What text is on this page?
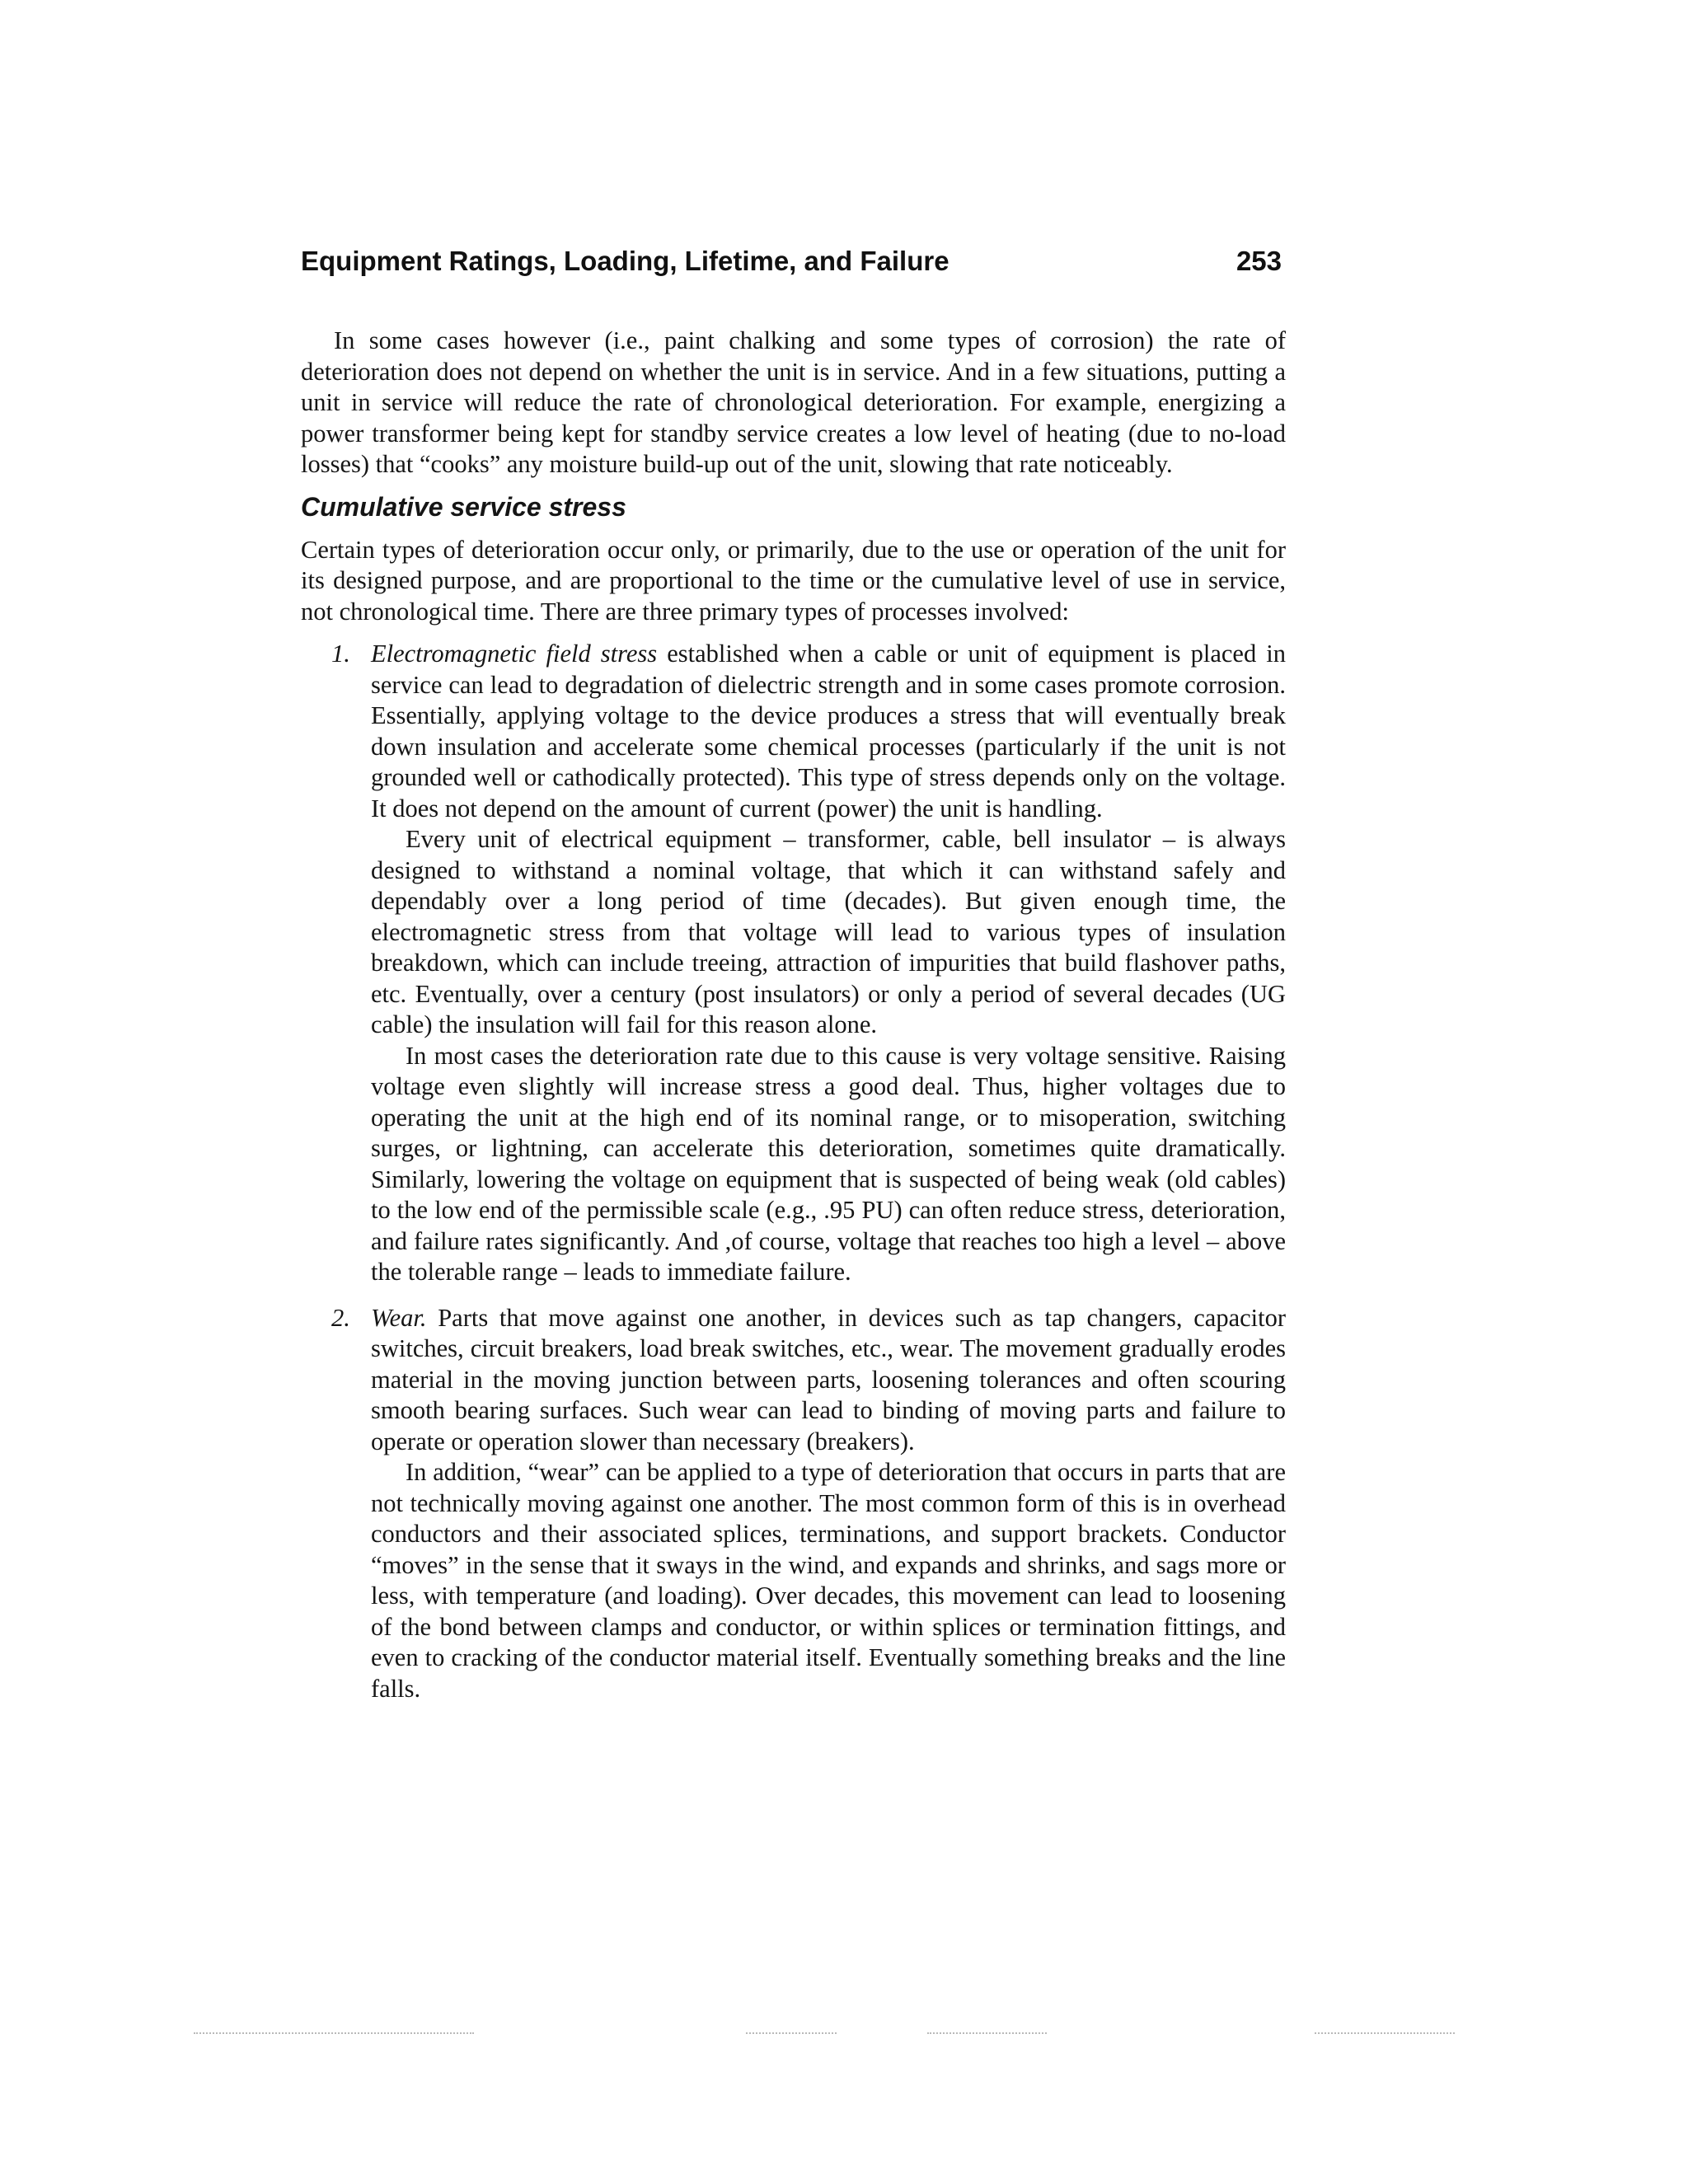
Equipment Ratings, Loading, Lifetime, and Failure	253

In some cases however (i.e., paint chalking and some types of corrosion) the rate of deterioration does not depend on whether the unit is in service. And in a few situations, putting a unit in service will reduce the rate of chronological deterioration. For example, energizing a power transformer being kept for standby service creates a low level of heating (due to no-load losses) that “cooks” any moisture build-up out of the unit, slowing that rate noticeably.

Cumulative service stress

Certain types of deterioration occur only, or primarily, due to the use or operation of the unit for its designed purpose, and are proportional to the time or the cumulative level of use in service, not chronological time. There are three primary types of processes involved:

1. Electromagnetic field stress established when a cable or unit of equipment is placed in service can lead to degradation of dielectric strength and in some cases promote corrosion. Essentially, applying voltage to the device produces a stress that will eventually break down insulation and accelerate some chemical processes (particularly if the unit is not grounded well or cathodically protected). This type of stress depends only on the voltage. It does not depend on the amount of current (power) the unit is handling.

Every unit of electrical equipment – transformer, cable, bell insulator – is always designed to withstand a nominal voltage, that which it can withstand safely and dependably over a long period of time (decades). But given enough time, the electromagnetic stress from that voltage will lead to various types of insulation breakdown, which can include treeing, attraction of impurities that build flashover paths, etc. Eventually, over a century (post insulators) or only a period of several decades (UG cable) the insulation will fail for this reason alone.

In most cases the deterioration rate due to this cause is very voltage sensitive. Raising voltage even slightly will increase stress a good deal. Thus, higher voltages due to operating the unit at the high end of its nominal range, or to misoperation, switching surges, or lightning, can accelerate this deterioration, sometimes quite dramatically. Similarly, lowering the voltage on equipment that is suspected of being weak (old cables) to the low end of the permissible scale (e.g., .95 PU) can often reduce stress, deterioration, and failure rates significantly. And ,of course, voltage that reaches too high a level – above the tolerable range – leads to immediate failure.

2. Wear. Parts that move against one another, in devices such as tap changers, capacitor switches, circuit breakers, load break switches, etc., wear. The movement gradually erodes material in the moving junction between parts, loosening tolerances and often scouring smooth bearing surfaces. Such wear can lead to binding of moving parts and failure to operate or operation slower than necessary (breakers).

In addition, “wear” can be applied to a type of deterioration that occurs in parts that are not technically moving against one another. The most common form of this is in overhead conductors and their associated splices, terminations, and support brackets. Conductor “moves” in the sense that it sways in the wind, and expands and shrinks, and sags more or less, with temperature (and loading). Over decades, this movement can lead to loosening of the bond between clamps and conductor, or within splices or termination fittings, and even to cracking of the conductor material itself. Eventually something breaks and the line falls.
